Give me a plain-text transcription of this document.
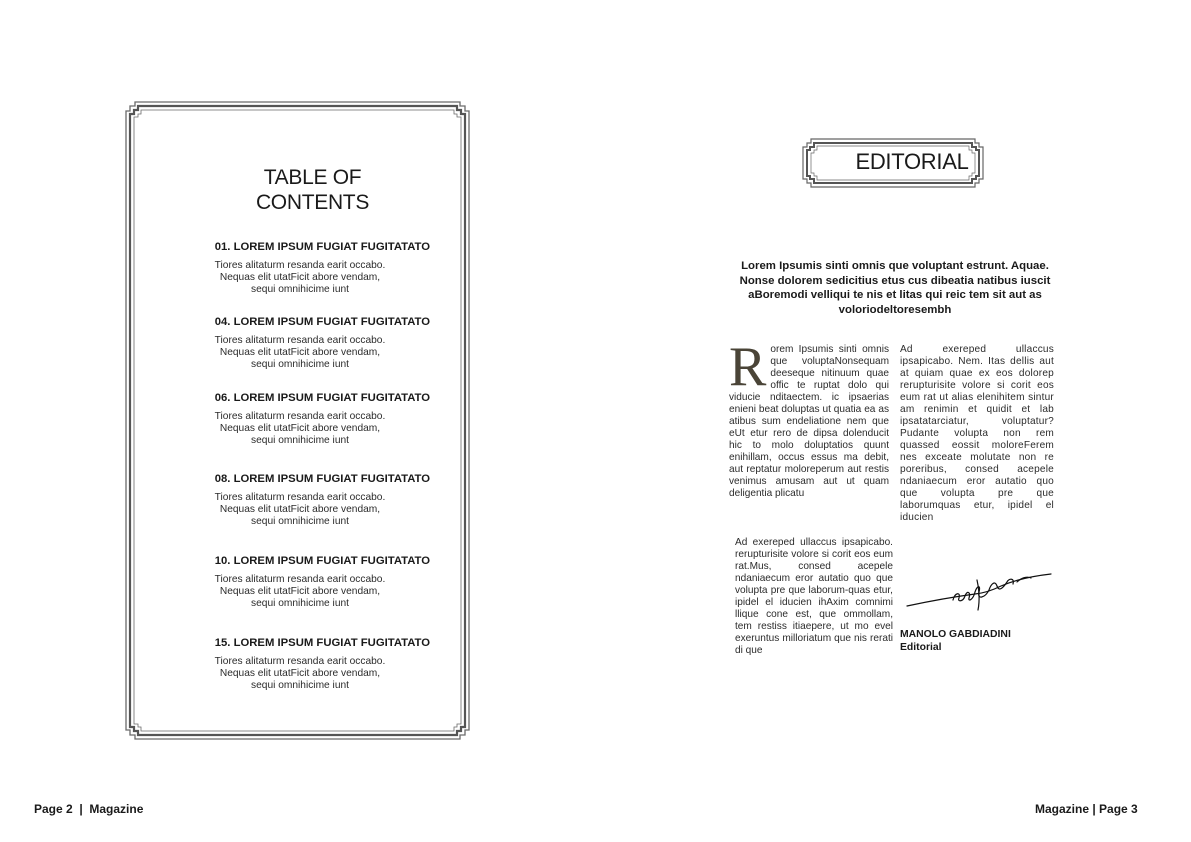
TABLE OF
CONTENTS
01. LOREM IPSUM FUGIAT FUGITATATO
Tiores alitaturm resanda earit occabo.
Nequas elit utatFicit abore vendam,
sequi omnihicime iunt
04. LOREM IPSUM FUGIAT FUGITATATO
Tiores alitaturm resanda earit occabo.
Nequas elit utatFicit abore vendam,
sequi omnihicime iunt
06. LOREM IPSUM FUGIAT FUGITATATO
Tiores alitaturm resanda earit occabo.
Nequas elit utatFicit abore vendam,
sequi omnihicime iunt
08. LOREM IPSUM FUGIAT FUGITATATO
Tiores alitaturm resanda earit occabo.
Nequas elit utatFicit abore vendam,
sequi omnihicime iunt
10. LOREM IPSUM FUGIAT FUGITATATO
Tiores alitaturm resanda earit occabo.
Nequas elit utatFicit abore vendam,
sequi omnihicime iunt
15. LOREM IPSUM FUGIAT FUGITATATO
Tiores alitaturm resanda earit occabo.
Nequas elit utatFicit abore vendam,
sequi omnihicime iunt
EDITORIAL
Lorem Ipsumis sinti omnis que voluptant estrunt. Aquae.
Nonse dolorem sedicitius etus cus dibeatia natibus iuscit
aBoremodi velliqui te nis et litas qui reic tem sit aut as
voloriodeltoresembh
Rorem Ipsumis sinti omnis que voluptaNonsequam deeseque nitinuum quae offic te ruptat dolo qui viducie nditaectem. ic ipsaerias enieni beat doluptas ut quatia ea as atibus sum endeliatione nem que eUt etur rero de dipsa dolenducit hic to molo doluptatios quunt enihillam, occus essus ma debit, aut reptatur moloreperum aut restis venimus amusam aut ut quam deligentia plicatu
Ad exereped ullaccus ipsapicabo. Nem. Itas dellis aut at quiam quae ex eos dolorep rerupturisite volore si corit eos eum rat ut alias elenihitem sintur am renimin et quidit et lab ipsatatarciatur, voluptatur? Pudante volupta non rem quassed eossit moloreFerem nes exceate molutate non re poreribus, consed acepele ndaniaecum eror autatio quo que volupta pre que laborumquas etur, ipidel el iducien
Ad exereped ullaccus ipsapicabo. rerupturisite volore si corit eos eum rat.Mus, consed acepele ndaniaecum eror autatio quo que volupta pre que laborum-quas etur, ipidel el iducien ihAxim comnimi llique cone est, que ommollam, tem restiss itiaepere, ut mo evel exeruntus milloriatum que nis rerati di que
MANOLO GABDIADINI
Editorial
Page 2  |  Magazine	Magazine | Page 3
